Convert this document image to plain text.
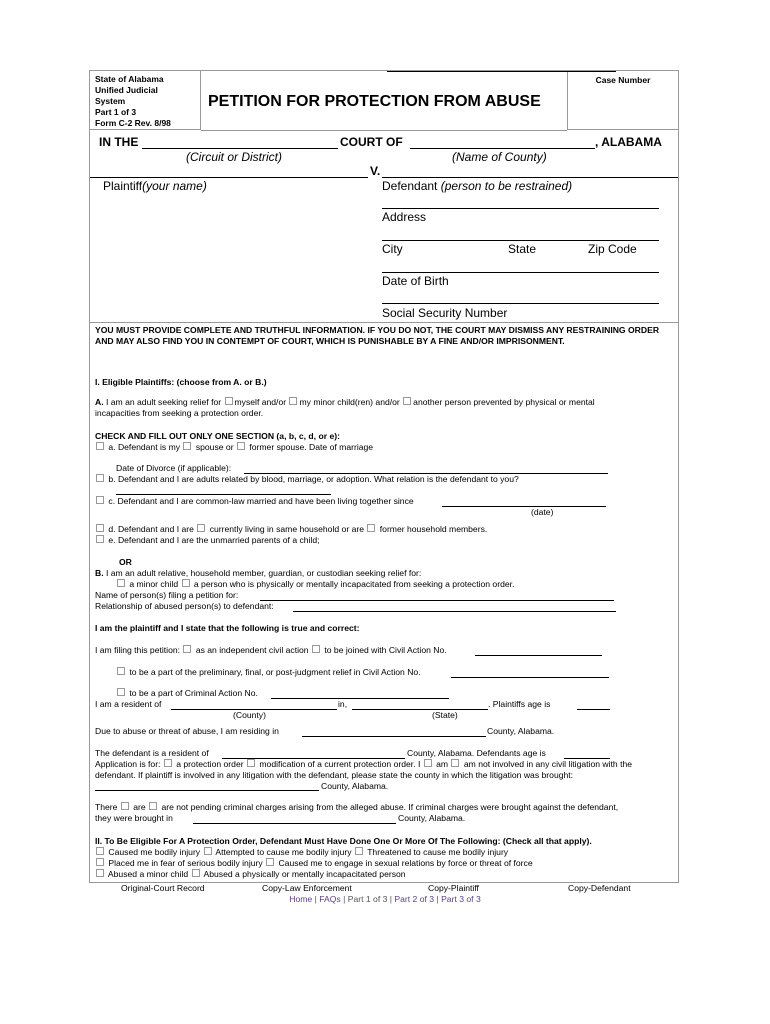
State of Alabama
Unified Judicial
System
Part 1 of 3
Form C-2 Rev. 8/98
PETITION FOR PROTECTION FROM ABUSE
Case Number
IN THE	COURT OF	, ALABAMA
(Circuit or District)	(Name of County)
V.
Plaintiff(your name)	Defendant (person to be restrained)
Address
City	State	Zip Code
Date of Birth
Social Security Number
YOU MUST PROVIDE COMPLETE AND TRUTHFUL INFORMATION. IF YOU DO NOT, THE COURT MAY DISMISS ANY RESTRAINING ORDER AND MAY ALSO FIND YOU IN CONTEMPT OF COURT, WHICH IS PUNISHABLE BY A FINE AND/OR IMPRISONMENT.
I. Eligible Plaintiffs: (choose from A. or B.)
A. I am an adult seeking relief for myself and/or my minor child(ren) and/or another person prevented by physical or mental
incapacities from seeking a protection order.
CHECK AND FILL OUT ONLY ONE SECTION (a, b, c, d, or e):
a. Defendant is my spouse or former spouse. Date of marriage
Date of Divorce (if applicable):
b. Defendant and I are adults related by blood, marriage, or adoption. What relation is the defendant to you?
c. Defendant and I are common-law married and have been living together since
(date)
d. Defendant and I are currently living in same household or are former household members.
e. Defendant and I are the unmarried parents of a child;
OR
B. I am an adult relative, household member, guardian, or custodian seeking relief for:
a minor child a person who is physically or mentally incapacitated from seeking a protection order.
Name of person(s) filing a petition for:
Relationship of abused person(s) to defendant:
I am the plaintiff and I state that the following is true and correct:
I am filing this petition: as an independent civil action to be joined with Civil Action No.
to be a part of the preliminary, final, or post-judgment relief in Civil Action No.
to be a part of Criminal Action No.
I am a resident of	in,	. Plaintiffs age is
(County)	(State)
Due to abuse or threat of abuse, I am residing in	County, Alabama.
The defendant is a resident of	County, Alabama. Defendants age is
Application is for: a protection order modification of a current protection order. I am am not involved in any civil litigation with the
defendant. If plaintiff is involved in any litigation with the defendant, please state the county in which the litigation was brought:
County, Alabama.
There are are not pending criminal charges arising from the alleged abuse. If criminal charges were brought against the defendant,
they were brought in	County, Alabama.
II. To Be Eligible For A Protection Order, Defendant Must Have Done One Or More Of The Following: (Check all that apply).
Caused me bodily injury Attempted to cause me bodily injury Threatened to cause me bodily injury
Placed me in fear of serious bodily injury Caused me to engage in sexual relations by force or threat of force
Abused a minor child Abused a physically or mentally incapacitated person
Original-Court Record	Copy-Law Enforcement	Copy-Plaintiff	Copy-Defendant
Home | FAQs | Part 1 of 3 | Part 2 of 3 | Part 3 of 3
